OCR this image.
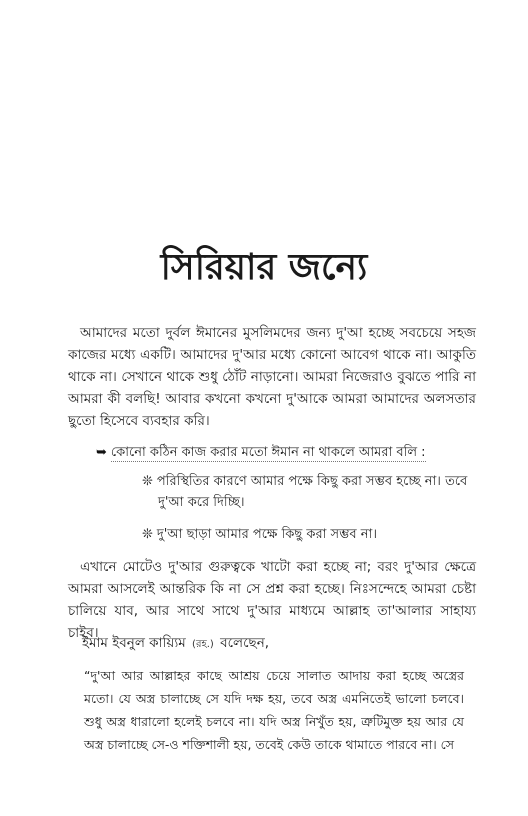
সিরিয়ার জন্যে

আমাদের মতো দুর্বল ঈমানের মুসলিমদের জন্য দু'আ হচ্ছে সবচেয়ে সহজ কাজের মধ্যে একটি। আমাদের দু'আর মধ্যে কোনো আবেগ থাকে না। আকুতি থাকে না। সেখানে থাকে শুধু ঠোঁট নাড়ানো। আমরা নিজেরাও বুঝতে পারি না আমরা কী বলছি! আবার কখনো কখনো দু'আকে আমরা আমাদের অলসতার ছুতো হিসেবে ব্যবহার করি।

➥ কোনো কঠিন কাজ করার মতো ঈমান না থাকলে আমরা বলি :

❊ পরিস্থিতির কারণে আমার পক্ষে কিছু করা সম্ভব হচ্ছে না। তবে
দু'আ করে দিচ্ছি।

❊ দু'আ ছাড়া আমার পক্ষে কিছু করা সম্ভব না।

এখানে মোটেও দু'আর গুরুত্বকে খাটো করা হচ্ছে না; বরং দু'আর ক্ষেত্রে আমরা আসলেই আন্তরিক কি না সে প্রশ্ন করা হচ্ছে। নিঃসন্দেহে আমরা চেষ্টা চালিয়ে যাব, আর সাথে সাথে দু'আর মাধ্যমে আল্লাহ তা'আলার সাহায্য চাইব।

ইমাম ইবনুল কায়্যিম (রহ.) বলেছেন,

“দু'আ আর আল্লাহর কাছে আশ্রয় চেয়ে সালাত আদায় করা হচ্ছে অস্ত্রের মতো। যে অস্ত্র চালাচ্ছে সে যদি দক্ষ হয়, তবে অস্ত্র এমনিতেই ভালো চলবে। শুধু অস্ত্র ধারালো হলেই চলবে না। যদি অস্ত্র নিখুঁত হয়, ত্রুটিমুক্ত হয় আর যে অস্ত্র চালাচ্ছে সে-ও শক্তিশালী হয়, তবেই কেউ তাকে থামাতে পারবে না। সে
